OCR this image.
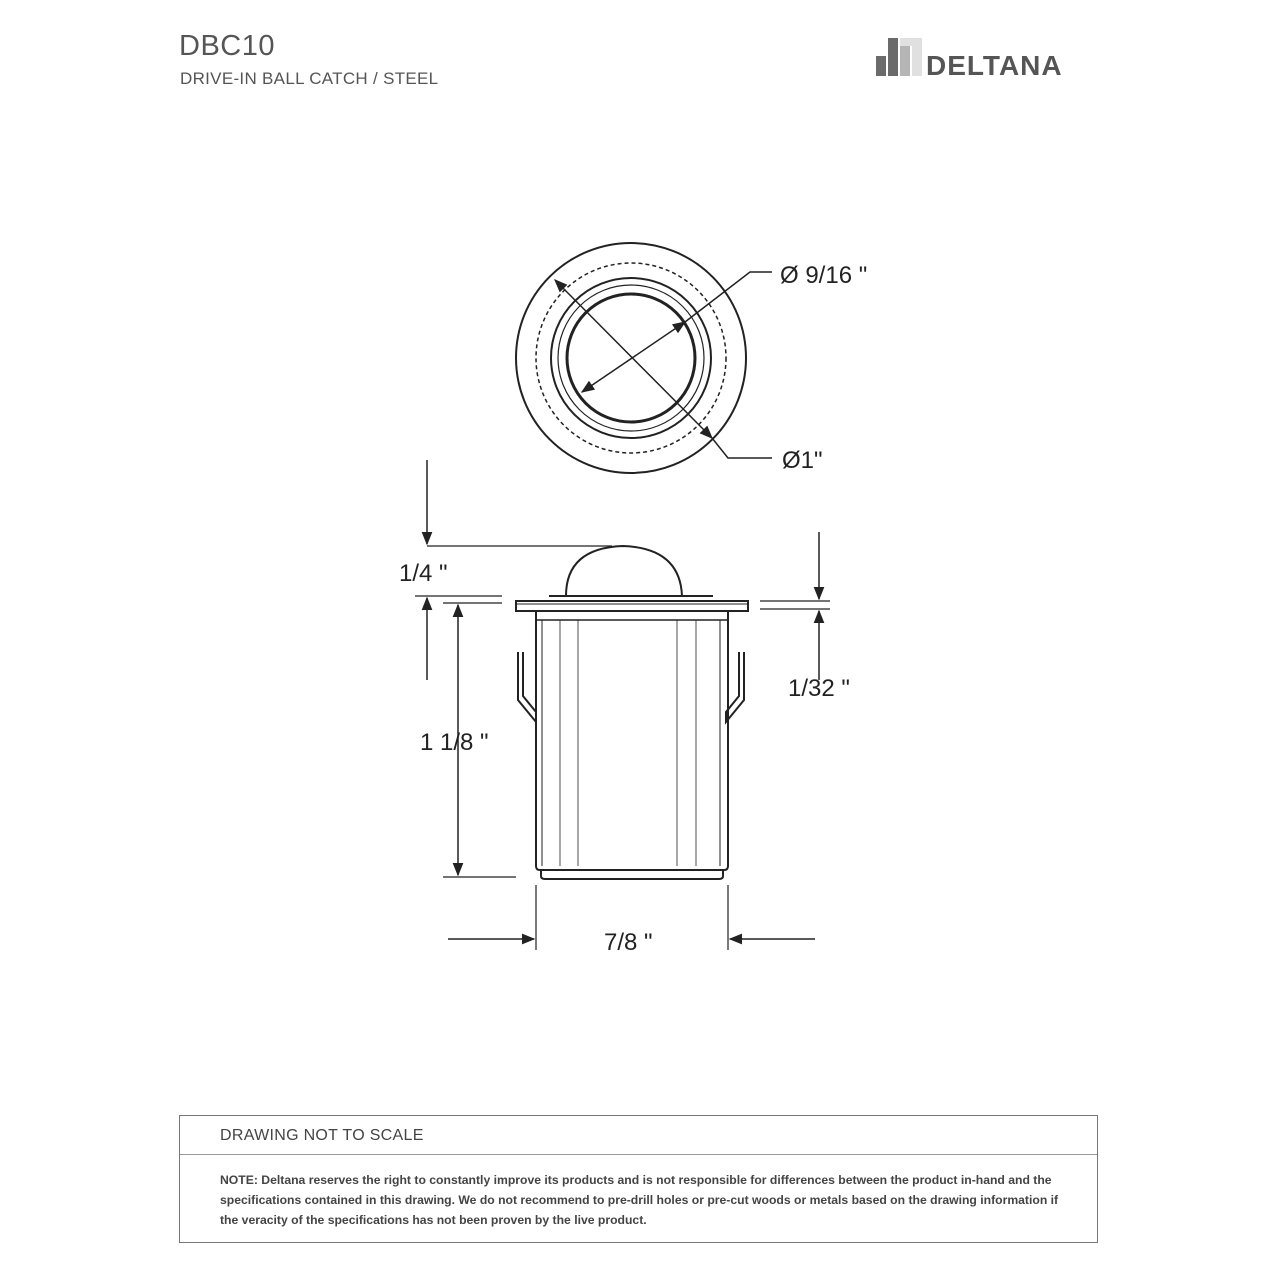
DBC10
DRIVE-IN BALL CATCH / STEEL	DELTANA
Ø 9/16 "
Ø1"
1/4 "
1/32 "
1 1/8 "
7/8 "
DRAWING NOT TO SCALE
NOTE: Deltana reserves the right to constantly improve its products and is not responsible for differences between the product in-hand and the specifications contained in this drawing. We do not recommend to pre-drill holes or pre-cut woods or metals based on the drawing information if the veracity of the specifications has not been proven by the live product.
